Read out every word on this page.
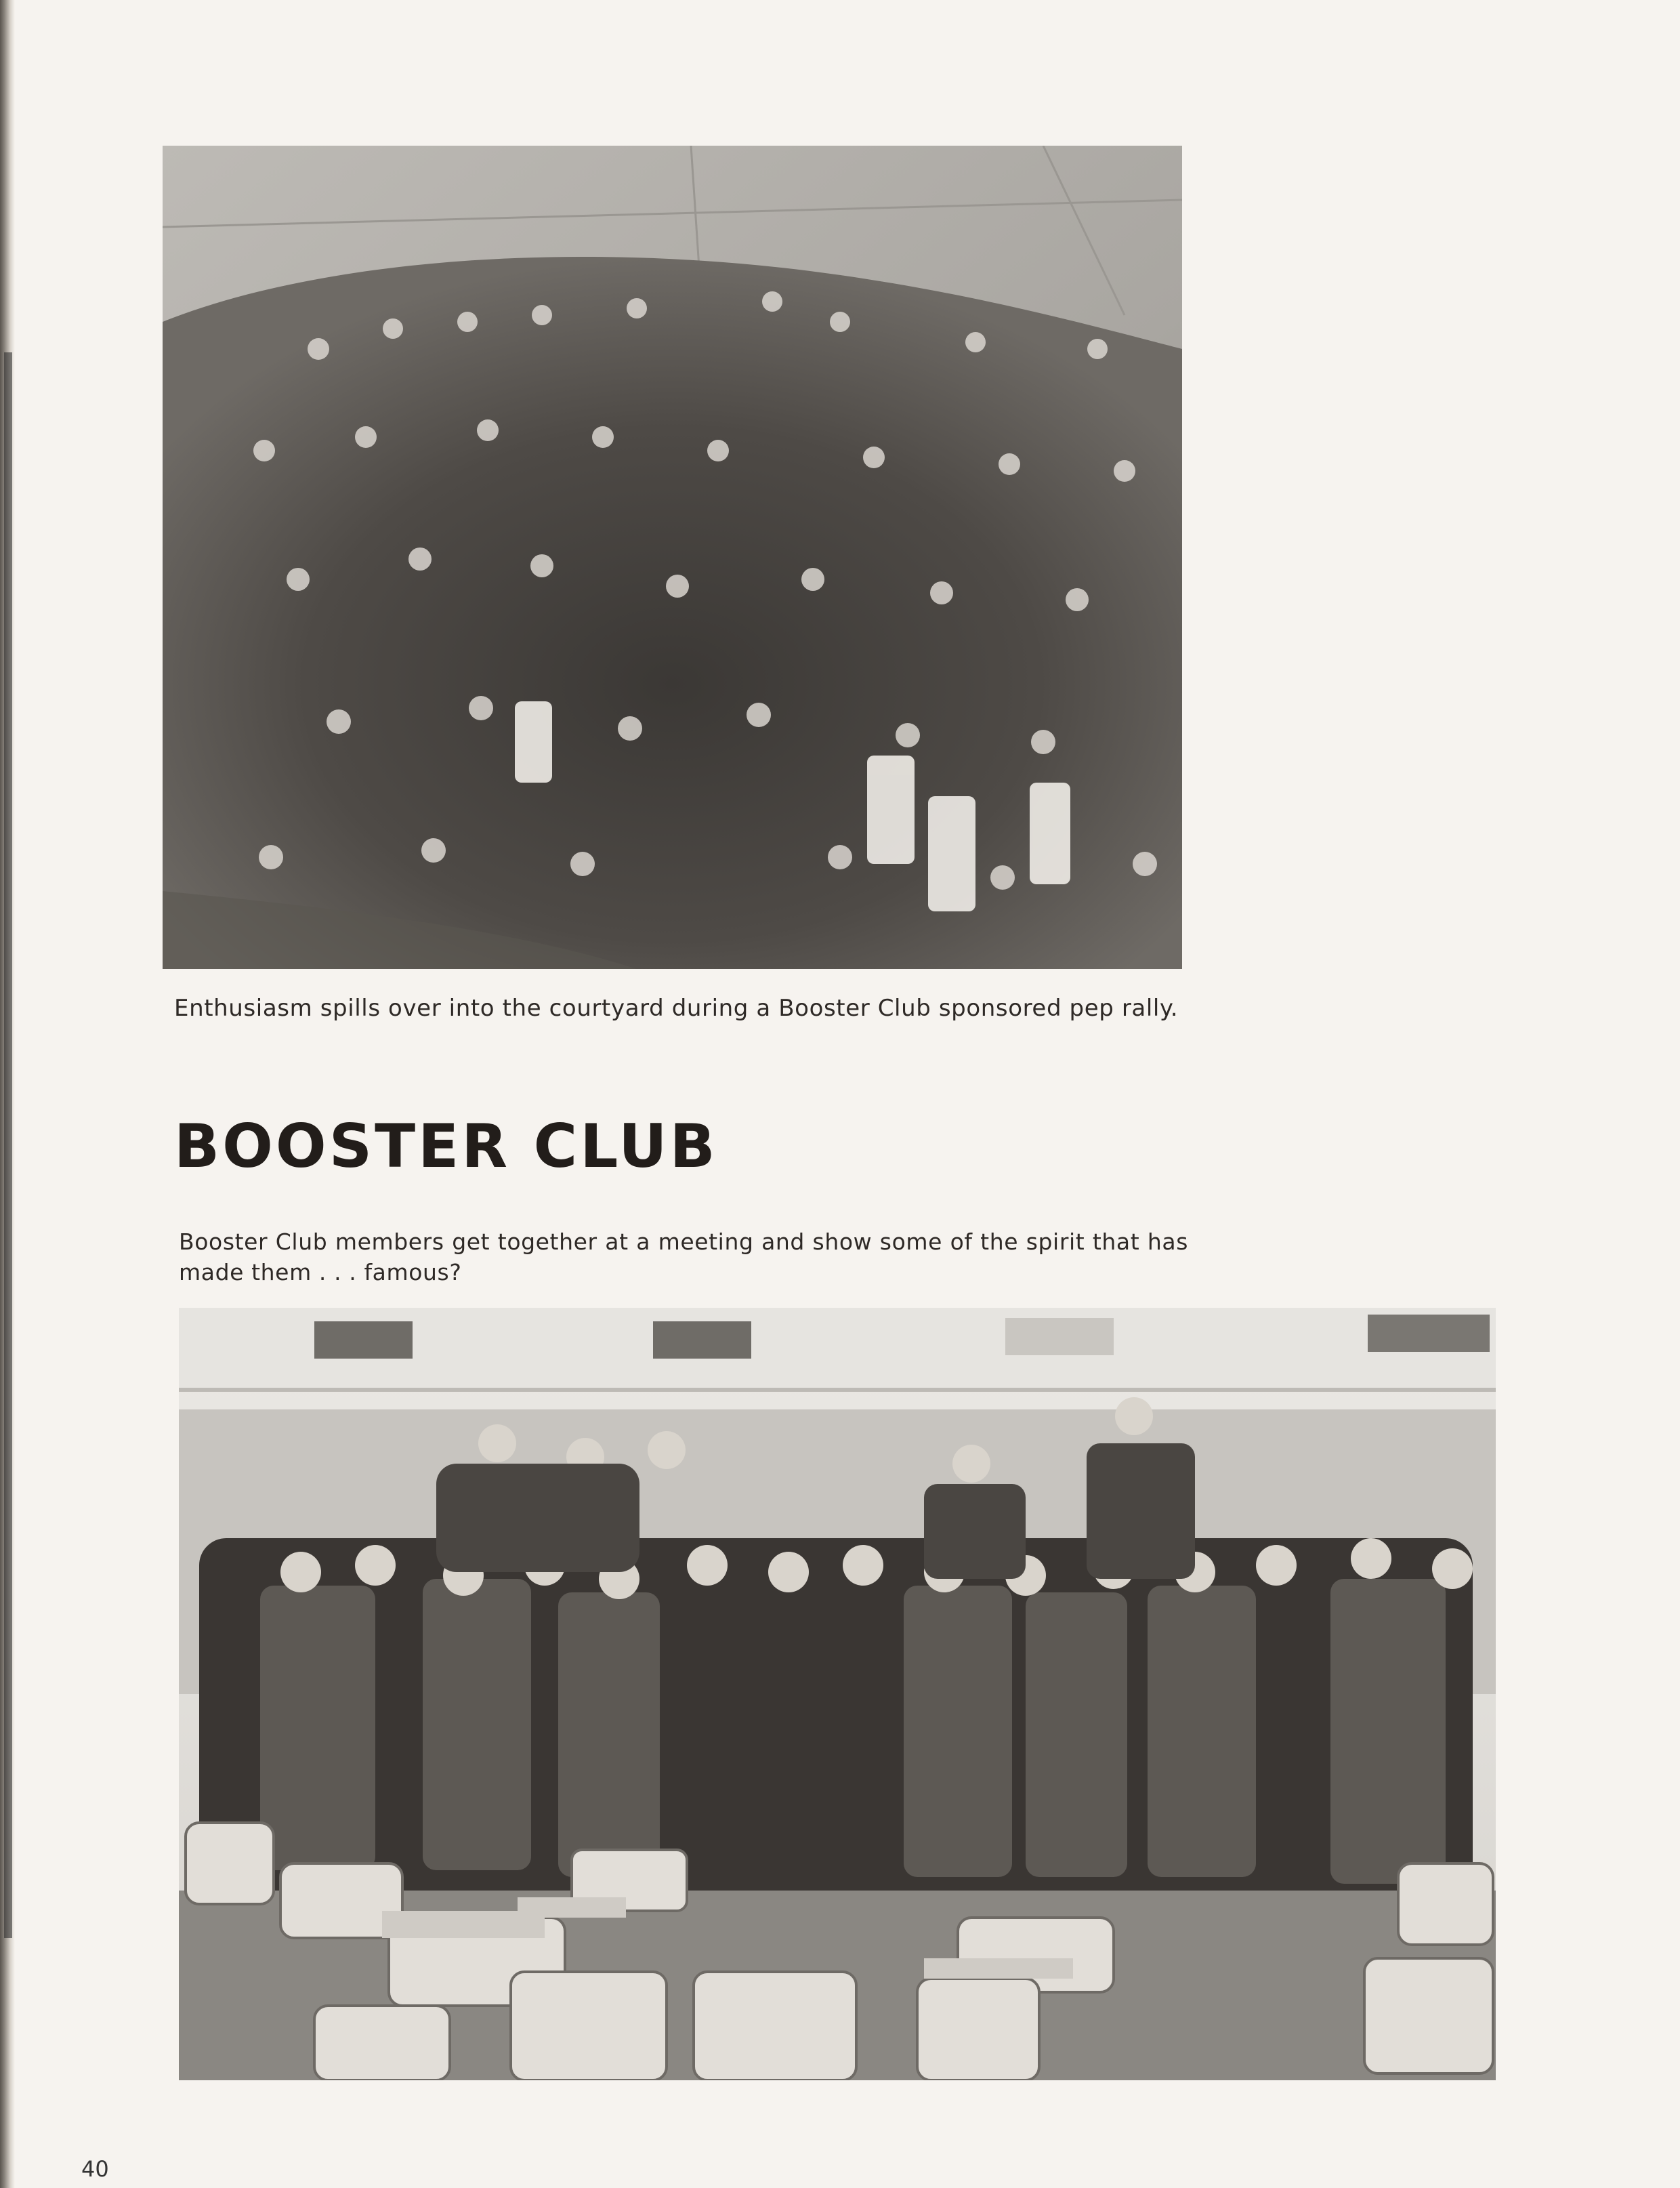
Enthusiasm spills over into the courtyard during a Booster Club sponsored pep rally.
BOOSTER CLUB
Booster Club members get together at a meeting and show some of the spirit that has made them . . . famous?
40
